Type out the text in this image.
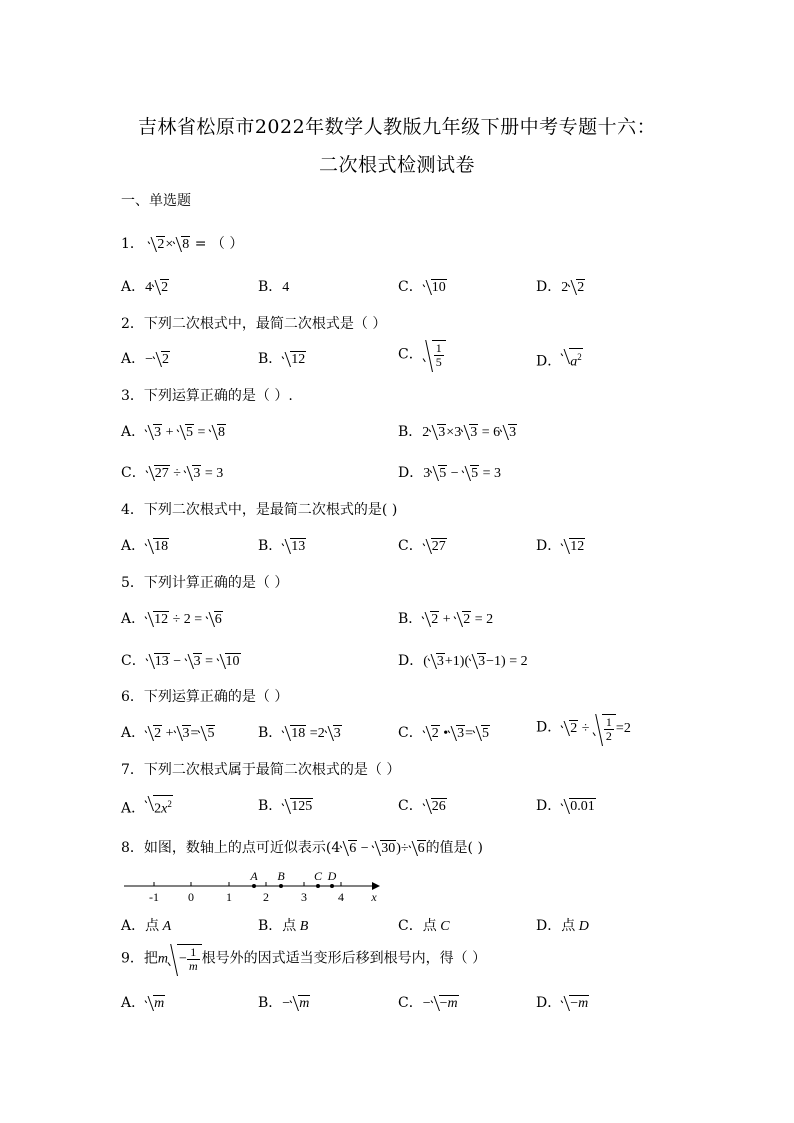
吉林省松原市2022年数学人教版九年级下册中考专题十六：
二次根式检测试卷
一、单选题
1． 2× 8 = （ ）
A．4 2	B．4	C． 10	D．2 2
2．下列二次根式中，最简二次根式是（ ）
A．− 2	B． 12	C． $\frac{1}{5}$	D． $a^2$
3．下列运算正确的是（ ）.
A． 3 + 5 = 8	B．2 3×3 3 = 6 3
C． 27 ÷ 3 = 3	D．3 5 − 5 = 3
4．下列二次根式中，是最简二次根式的是( )
A． 18	B． 13	C． 27	D． 12
5．下列计算正确的是（ ）
A． 12 ÷ 2 = 6	B． 2 + 2 = 2
C． 13 − 3 = 10	D．( 3+1)( 3−1) = 2
6．下列运算正确的是（ ）
A． 2 + 3= 5	B． 18 =2 3	C． 2 • 3= 5	D． $2 \div \frac{1}{2} =2$
7．下列二次根式属于最简二次根式的是（ ）
A． $2x^2$	B． 125	C． 26	D． 0.01
8．如图，数轴上的点可近似表示(4 6 − 30)÷ 6的值是( )
-1 0	1	2	3	4 x
A B C D
A．点 A	B．点 B	C．点 C	D．点 D
9．把$m - \frac{1}{m}$ 根号外的因式适当变形后移到根号内，得（ ）
A． m	B．− m	C．− −m	D． −m
